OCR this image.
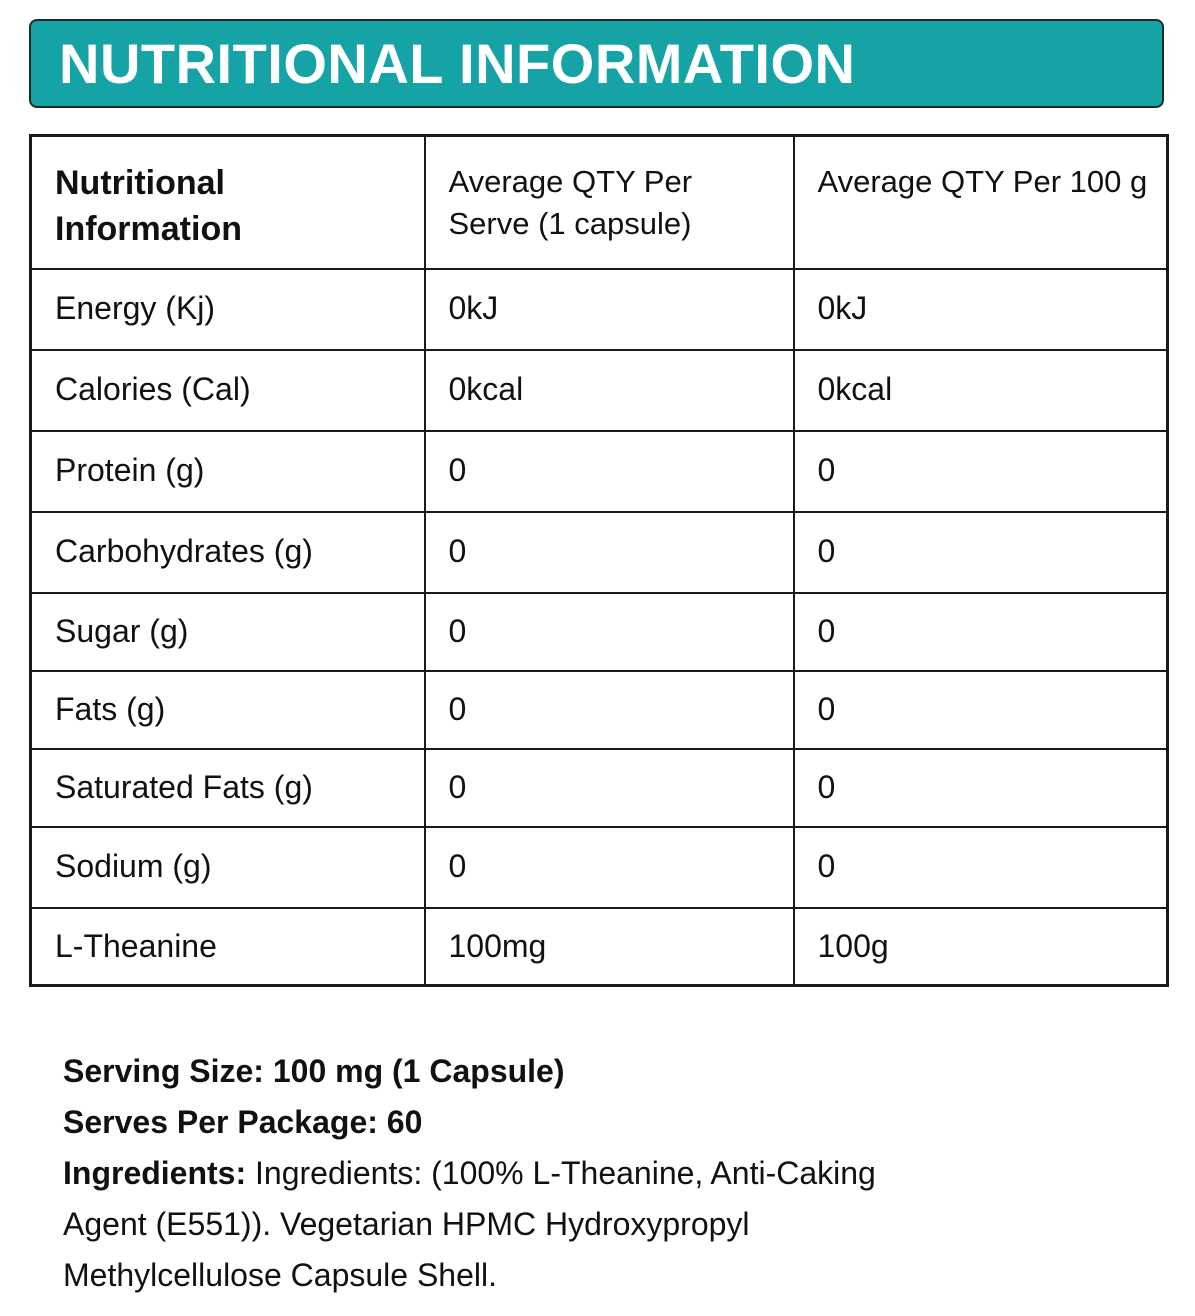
NUTRITIONAL INFORMATION
Nutritional Information	Average QTY Per Serve (1 capsule)	Average QTY Per 100 g
Energy (Kj)	0kJ	0kJ
Calories (Cal)	0kcal	0kcal
Protein (g)	0	0
Carbohydrates (g)	0	0
Sugar (g)	0	0
Fats (g)	0	0
Saturated Fats (g)	0	0
Sodium (g)	0	0
L-Theanine	100mg	100g
Serving Size: 100 mg (1 Capsule)
Serves Per Package: 60
Ingredients: Ingredients: (100% L-Theanine, Anti-Caking Agent (E551)). Vegetarian HPMC Hydroxypropyl Methylcellulose Capsule Shell.
